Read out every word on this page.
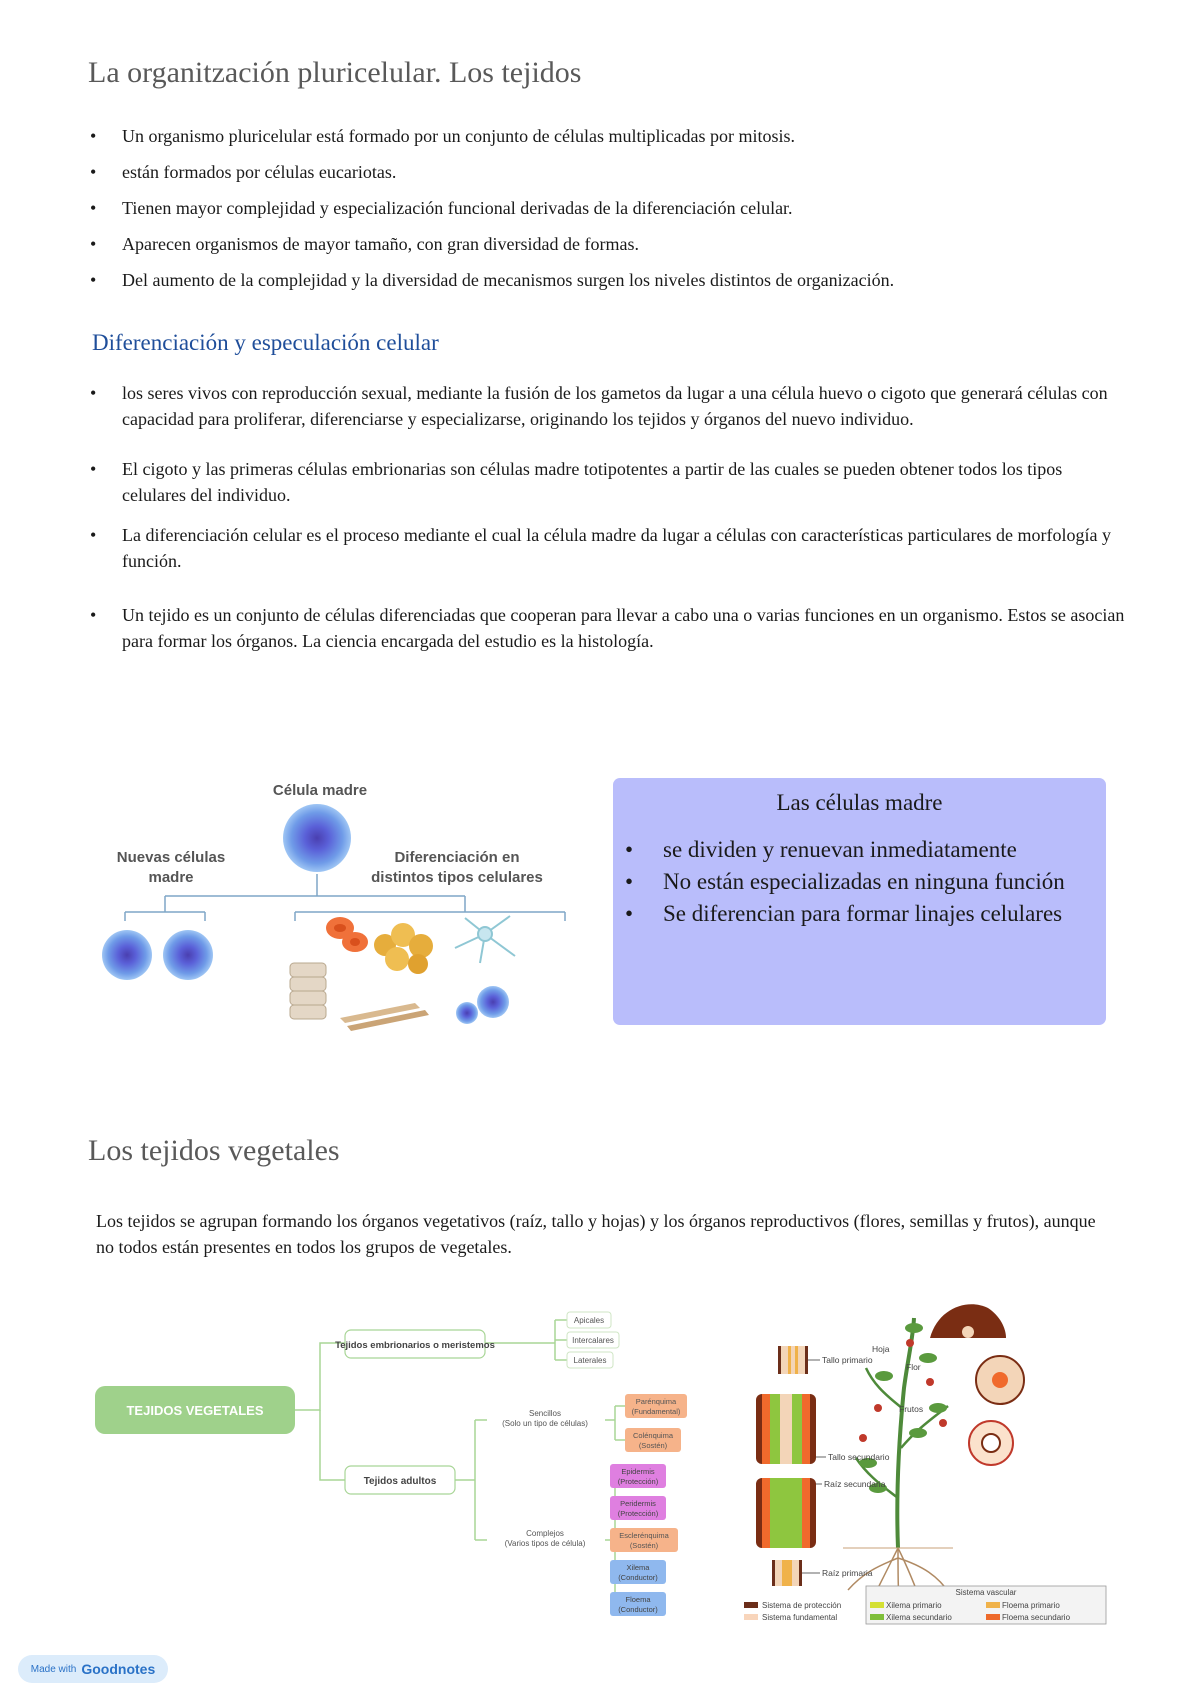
La organitzación pluricelular. Los tejidos
• Un organismo pluricelular está formado por un conjunto de células multiplicadas por mitosis.
• están formados por células eucariotas.
• Tienen mayor complejidad y especialización funcional derivadas de la diferenciación celular.
• Aparecen organismos de mayor tamaño, con gran diversidad de formas.
• Del aumento de la complejidad y la diversidad de mecanismos surgen los niveles distintos de organización.
Diferenciación y especulación celular
• los seres vivos con reproducción sexual, mediante la fusión de los gametos da lugar a una célula huevo o cigoto que generará células con capacidad para proliferar, diferenciarse y especializarse, originando los tejidos y órganos del nuevo individuo.
• El cigoto y las primeras células embrionarias son células madre totipotentes a partir de las cuales se pueden obtener todos los tipos celulares del individuo.
• La diferenciación celular es el proceso mediante el cual la célula madre da lugar a células con características particulares de morfología y función.
• Un tejido es un conjunto de células diferenciadas que cooperan para llevar a cabo una o varias funciones en un organismo. Estos se asocian para formar los órganos. La ciencia encargada del estudio es la histología.
Célula madre
Nuevas células
madre
Diferenciación en
distintos tipos celulares
Las células madre
• se dividen y renuevan inmediatamente
• No están especializadas en ninguna función
• Se diferencian para formar linajes celulares
Los tejidos vegetales
Los tejidos se agrupan formando los órganos vegetativos (raíz, tallo y hojas) y los órganos reproductivos (flores, semillas y frutos), aunque no todos están presentes en todos los grupos de vegetales.
TEJIDOS VEGETALES
Tejidos embrionarios o meristemos
Apicales
Intercalares
Laterales
Tejidos adultos
Sencillos
(Solo un tipo de células)
Complejos
(Varios tipos de célula)
Parénquima
(Fundamental)
Colénquima
(Sostén)
Epidermis
(Protección)
Peridermis
(Protección)
Esclerénquima
(Sostén)
Xilema
(Conductor)
Floema
(Conductor)
Tallo primario
Hoja
Flor
Frutos
Tallo secundario
Raíz secundaria
Raíz primaria
Sistema vascular
Sistema de protección
Sistema fundamental
Xilema primario
Xilema secundario
Floema primario
Floema secundario
Made with Goodnotes
